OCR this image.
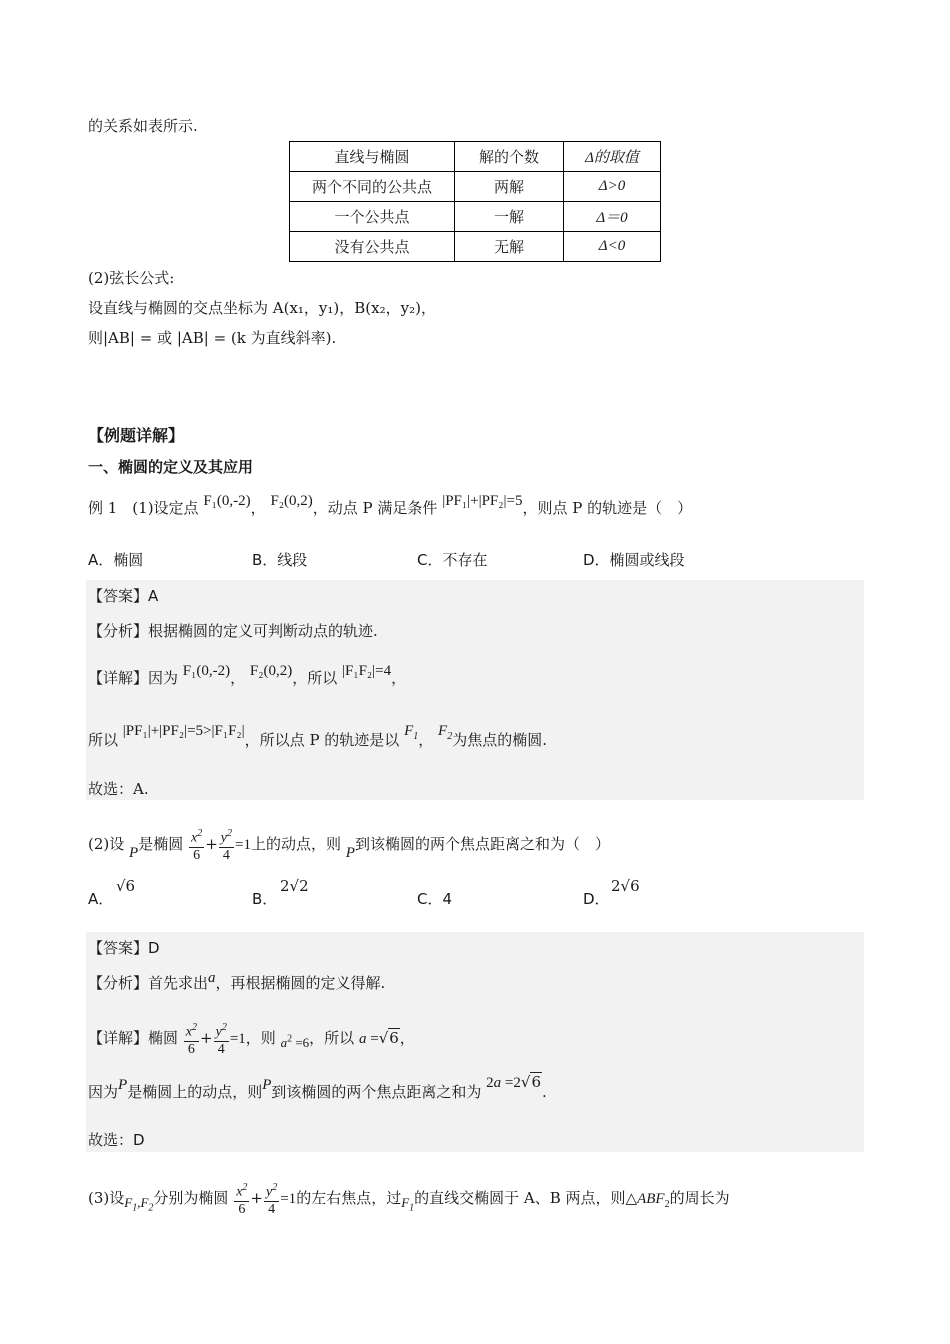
的关系如表所示.
直线与椭圆	解的个数	Δ的取值
两个不同的公共点	两解	Δ>0
一个公共点	一解	Δ＝0
没有公共点	无解	Δ<0
(2)弦长公式:
设直线与椭圆的交点坐标为 A(x₁，y₁)，B(x₂，y₂)，
则|AB| = 或 |AB| = (k 为直线斜率).
【例题详解】
一、椭圆的定义及其应用
例 1　(1)设定点 F₁(0,-2)， F₂(0,2)，动点 P 满足条件 |PF₁|+|PF₂|=5，则点 P 的轨迹是（　）
A．椭圆	B．线段	C．不存在	D．椭圆或线段
【答案】A
【分析】根据椭圆的定义可判断动点的轨迹.
【详解】因为 F₁(0,-2)， F₂(0,2)，所以 |F₁F₂|=4，
所以 |PF₁|+|PF₂|=5>|F₁F₂|，所以点 P 的轨迹是以 $F_1$， $F_2$为焦点的椭圆.
故选：A.
(2)设 P是椭圆 $\frac{x^2}{6} + \frac{y^2}{4} =1$上的动点，则 P到该椭圆的两个焦点距离之和为（　）
A．
√6
B．
2√2
C．4	D．
2√6
【答案】D
【分析】首先求出a，再根据椭圆的定义得解.
【详解】椭圆 $\frac{x^2}{6} + \frac{y^2}{4} =1$，则 $a^2 =6$，所以 a =√6，
因为P是椭圆上的动点，则P到该椭圆的两个焦点距离之和为 2a =2√6.
故选：D
(3)设$F_1,F_2$分别为椭圆 $\frac{x^2}{6} + \frac{y^2}{4} =1$的左右焦点，过$F_1$的直线交椭圆于 A、B 两点，则$\triangle ABF_2$的周长为
